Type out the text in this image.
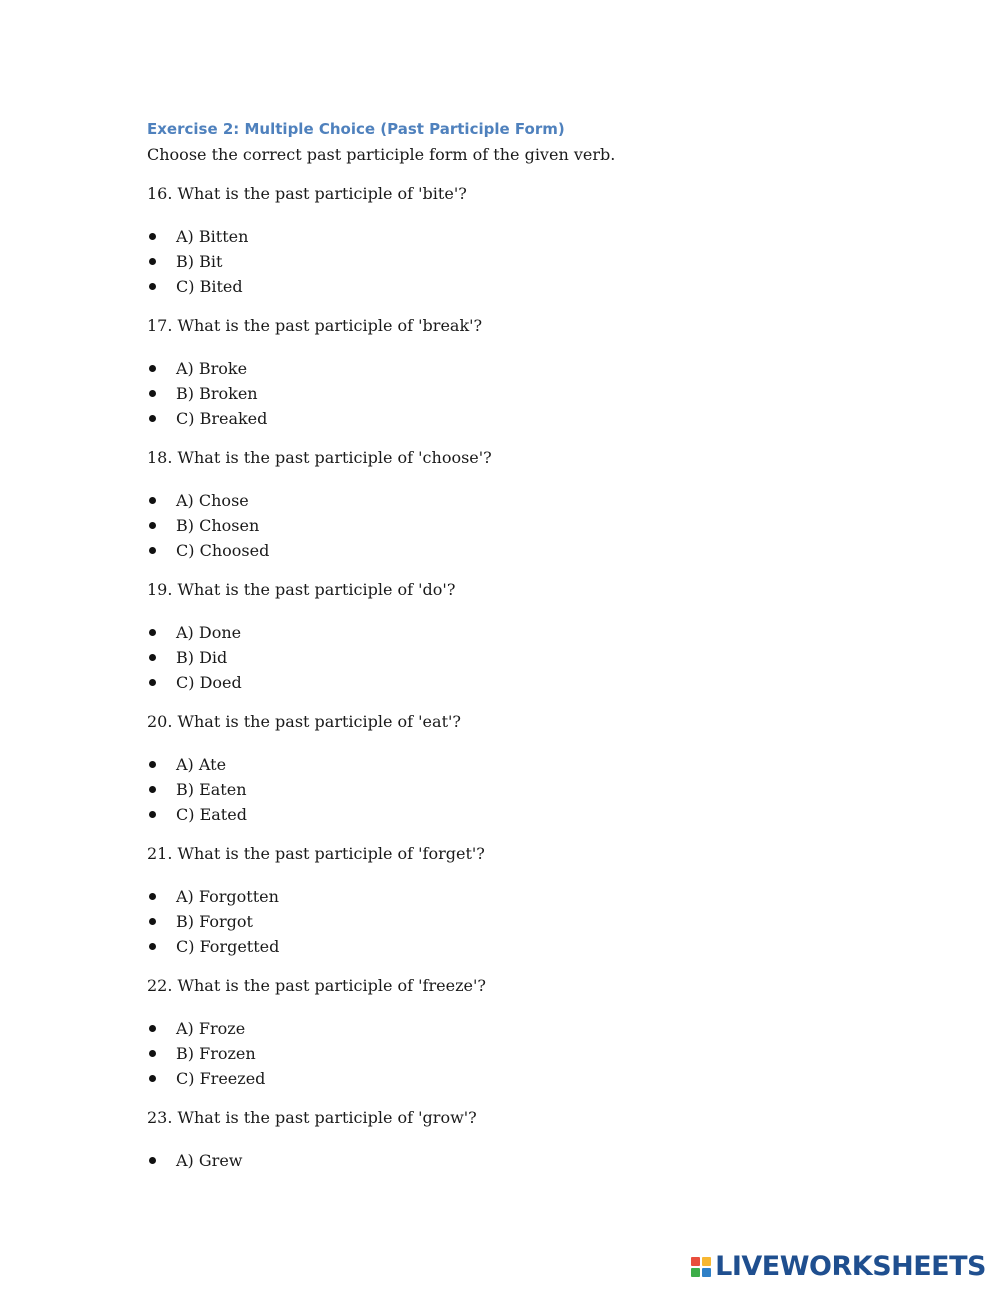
Exercise 2: Multiple Choice (Past Participle Form)

Choose the correct past participle form of the given verb.

16. What is the past participle of 'bite'?

A) Bitten
B) Bit
C) Bited

17. What is the past participle of 'break'?

A) Broke
B) Broken
C) Breaked

18. What is the past participle of 'choose'?

A) Chose
B) Chosen
C) Choosed

19. What is the past participle of 'do'?

A) Done
B) Did
C) Doed

20. What is the past participle of 'eat'?

A) Ate
B) Eaten
C) Eated

21. What is the past participle of 'forget'?

A) Forgotten
B) Forgot
C) Forgetted

22. What is the past participle of 'freeze'?

A) Froze
B) Frozen
C) Freezed

23. What is the past participle of 'grow'?

A) Grew
LIVEWORKSHEETS
